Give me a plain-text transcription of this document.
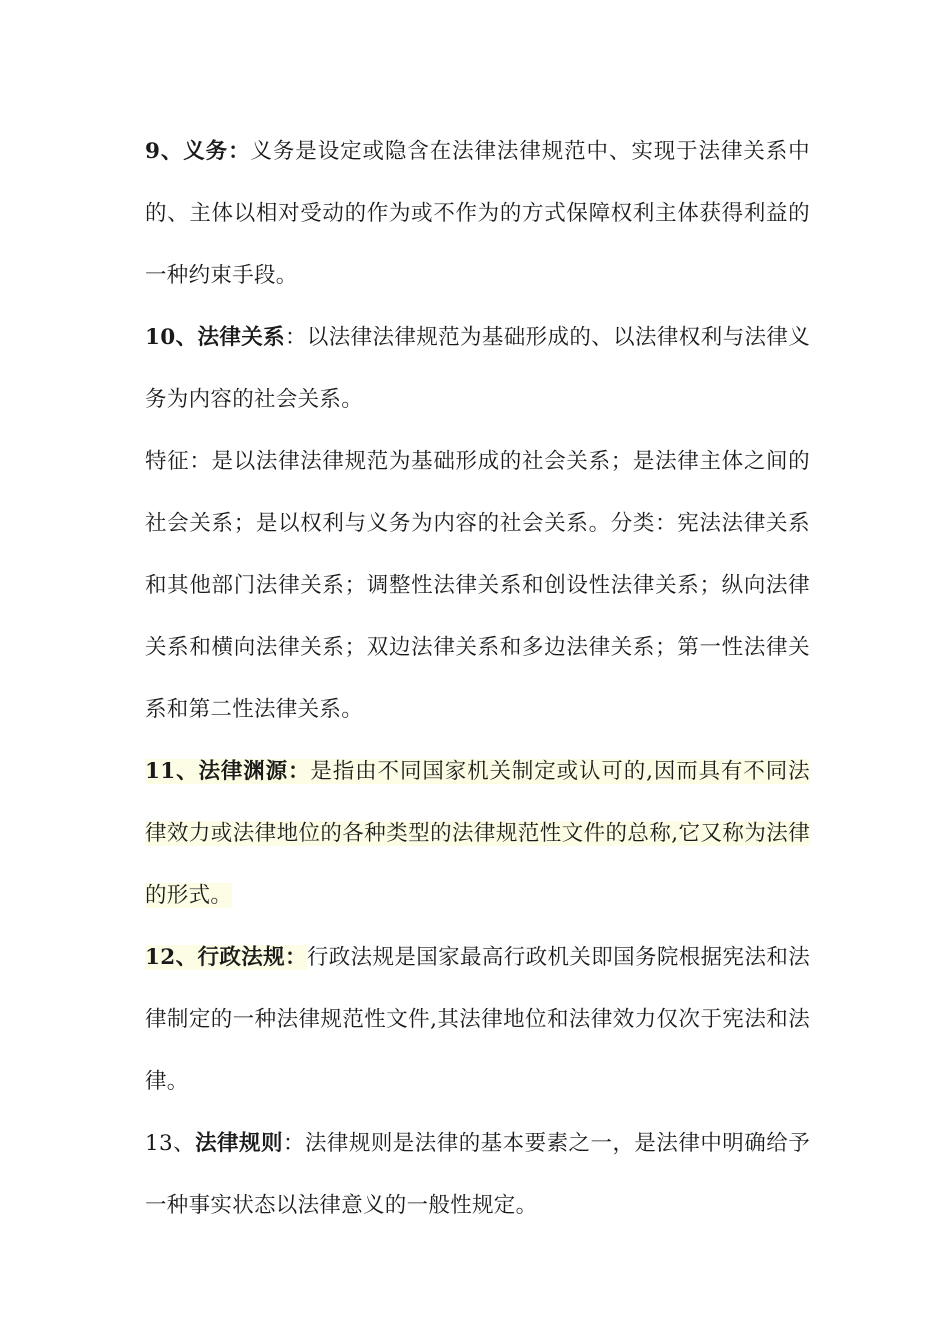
9、义务：义务是设定或隐含在法律法律规范中、实现于法律关系中的、主体以相对受动的作为或不作为的方式保障权利主体获得利益的一种约束手段。

10、法律关系：以法律法律规范为基础形成的、以法律权利与法律义务为内容的社会关系。

特征：是以法律法律规范为基础形成的社会关系；是法律主体之间的社会关系；是以权利与义务为内容的社会关系。分类：宪法法律关系和其他部门法律关系；调整性法律关系和创设性法律关系；纵向法律关系和横向法律关系；双边法律关系和多边法律关系；第一性法律关系和第二性法律关系。

11、法律渊源：是指由不同国家机关制定或认可的,因而具有不同法律效力或法律地位的各种类型的法律规范性文件的总称,它又称为法律的形式。

12、行政法规：行政法规是国家最高行政机关即国务院根据宪法和法律制定的一种法律规范性文件,其法律地位和法律效力仅次于宪法和法律。

13、法律规则：法律规则是法律的基本要素之一，是法律中明确给予一种事实状态以法律意义的一般性规定。
